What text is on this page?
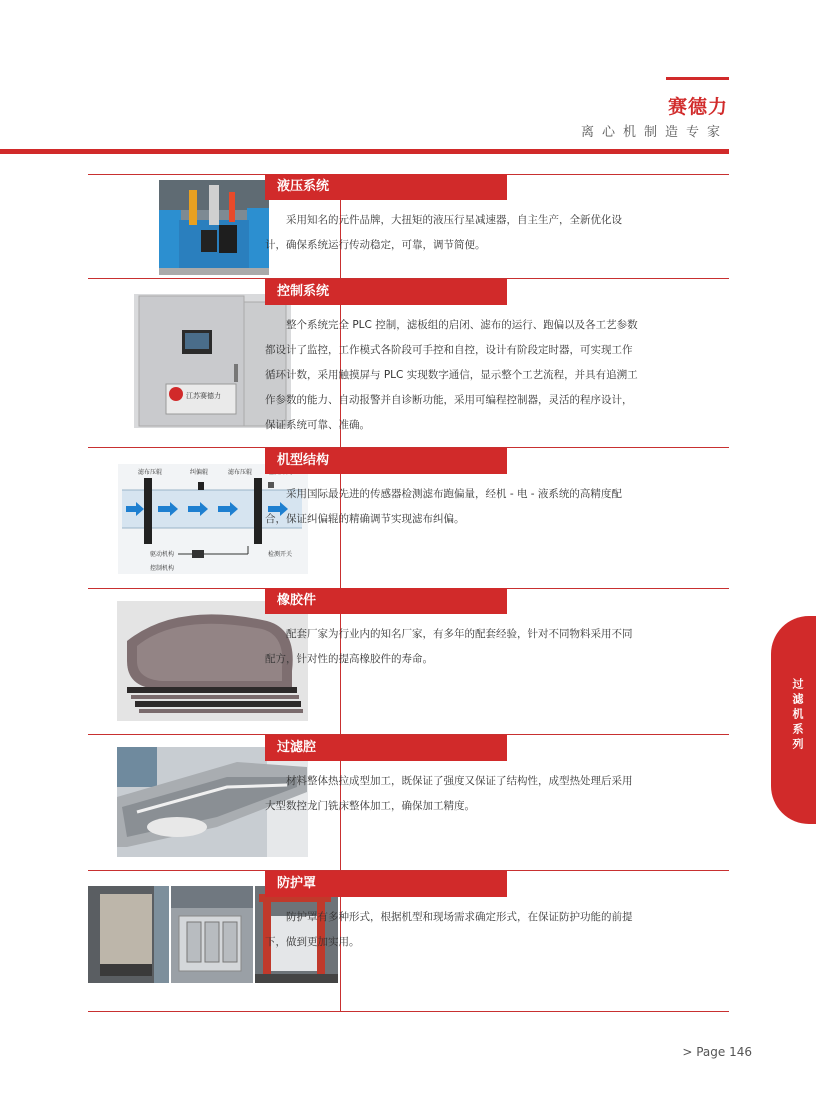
赛德力
离心机制造专家
江苏赛德力
滤布压辊	纠偏辊	滤布压辊
驱动机构
控制机构
检测开关
液压系统

采用知名的元件品牌，大扭矩的液压行星减速器，自主生产，全新优化设计，确保系统运行传动稳定，可靠，调节简便。

控制系统

整个系统完全 PLC 控制，滤板组的启闭、滤布的运行、跑偏以及各工艺参数都设计了监控，工作模式各阶段可手控和自控，设计有阶段定时器，可实现工作循环计数，采用触摸屏与 PLC 实现数字通信，显示整个工艺流程，并具有追溯工作参数的能力、自动报警并自诊断功能，采用可编程控制器，灵活的程序设计，保证系统可靠、准确。

机型结构

采用国际最先进的传感器检测滤布跑偏量，经机 - 电 - 液系统的高精度配合，保证纠偏辊的精确调节实现滤布纠偏。

橡胶件

配套厂家为行业内的知名厂家，有多年的配套经验，针对不同物料采用不同配方，针对性的提高橡胶件的寿命。

过滤腔

材料整体热拉成型加工，既保证了强度又保证了结构性，成型热处理后采用大型数控龙门铣床整体加工，确保加工精度。

防护罩

防护罩有多种形式，根据机型和现场需求确定形式，在保证防护功能的前提下，做到更加实用。

过滤机系列
> Page 146
